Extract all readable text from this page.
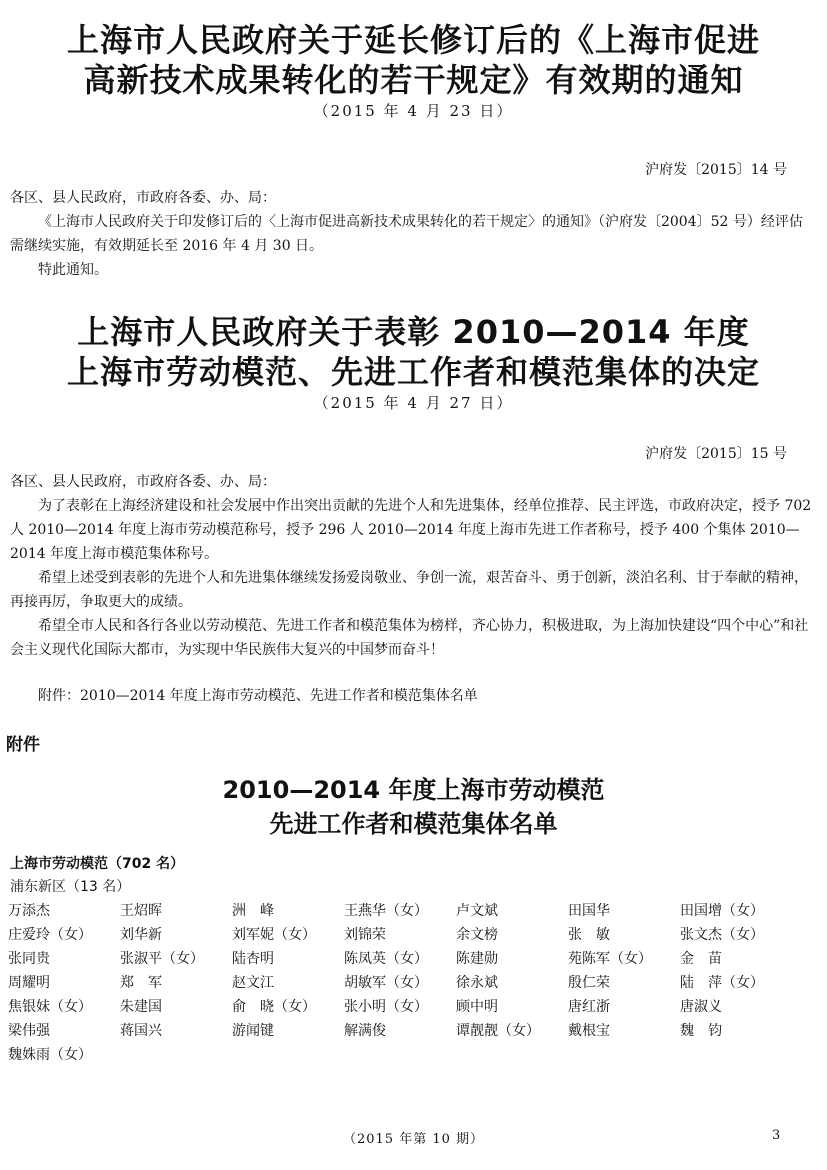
上海市人民政府关于延长修订后的《上海市促进
高新技术成果转化的若干规定》有效期的通知

（2015 年 4 月 23 日）

沪府发〔2015〕14 号

各区、县人民政府，市政府各委、办、局：

《上海市人民政府关于印发修订后的〈上海市促进高新技术成果转化的若干规定〉的通知》（沪府发〔2004〕52 号）经评估需继续实施，有效期延长至 2016 年 4 月 30 日。

特此通知。

上海市人民政府关于表彰 2010—2014 年度
上海市劳动模范、先进工作者和模范集体的决定

（2015 年 4 月 27 日）

沪府发〔2015〕15 号

各区、县人民政府，市政府各委、办、局：

为了表彰在上海经济建设和社会发展中作出突出贡献的先进个人和先进集体，经单位推荐、民主评选，市政府决定，授予 702 人 2010—2014 年度上海市劳动模范称号，授予 296 人 2010—2014 年度上海市先进工作者称号，授予 400 个集体 2010—2014 年度上海市模范集体称号。

希望上述受到表彰的先进个人和先进集体继续发扬爱岗敬业、争创一流，艰苦奋斗、勇于创新，淡泊名利、甘于奉献的精神，再接再厉，争取更大的成绩。

希望全市人民和各行各业以劳动模范、先进工作者和模范集体为榜样，齐心协力，积极进取，为上海加快建设“四个中心”和社会主义现代化国际大都市，为实现中华民族伟大复兴的中国梦而奋斗！

附件：2010—2014 年度上海市劳动模范、先进工作者和模范集体名单

附件

2010—2014 年度上海市劳动模范
先进工作者和模范集体名单

上海市劳动模范（702 名）

浦东新区（13 名）

万添杰	王炤晖	洲　峰	王燕华（女）	卢文斌	田国华	田国增（女）
庄爱玲（女）	刘华新	刘军妮（女）	刘锦荣	余文榜	张　敏	张文杰（女）
张同贵	张淑平（女）	陆杏明	陈凤英（女）	陈建勋	苑陈军（女）	金　苗
周耀明	郑　军	赵文江	胡敏军（女）	徐永斌	殷仁荣	陆　萍（女）
焦银妹（女）	朱建国	俞　晓（女）	张小明（女）	顾中明	唐红浙	唐淑义
梁伟强	蒋国兴	游闻键	解满俊	谭靓靓（女）	戴根宝	魏　钧
魏姝雨（女）
（2015 年第 10 期）	3
